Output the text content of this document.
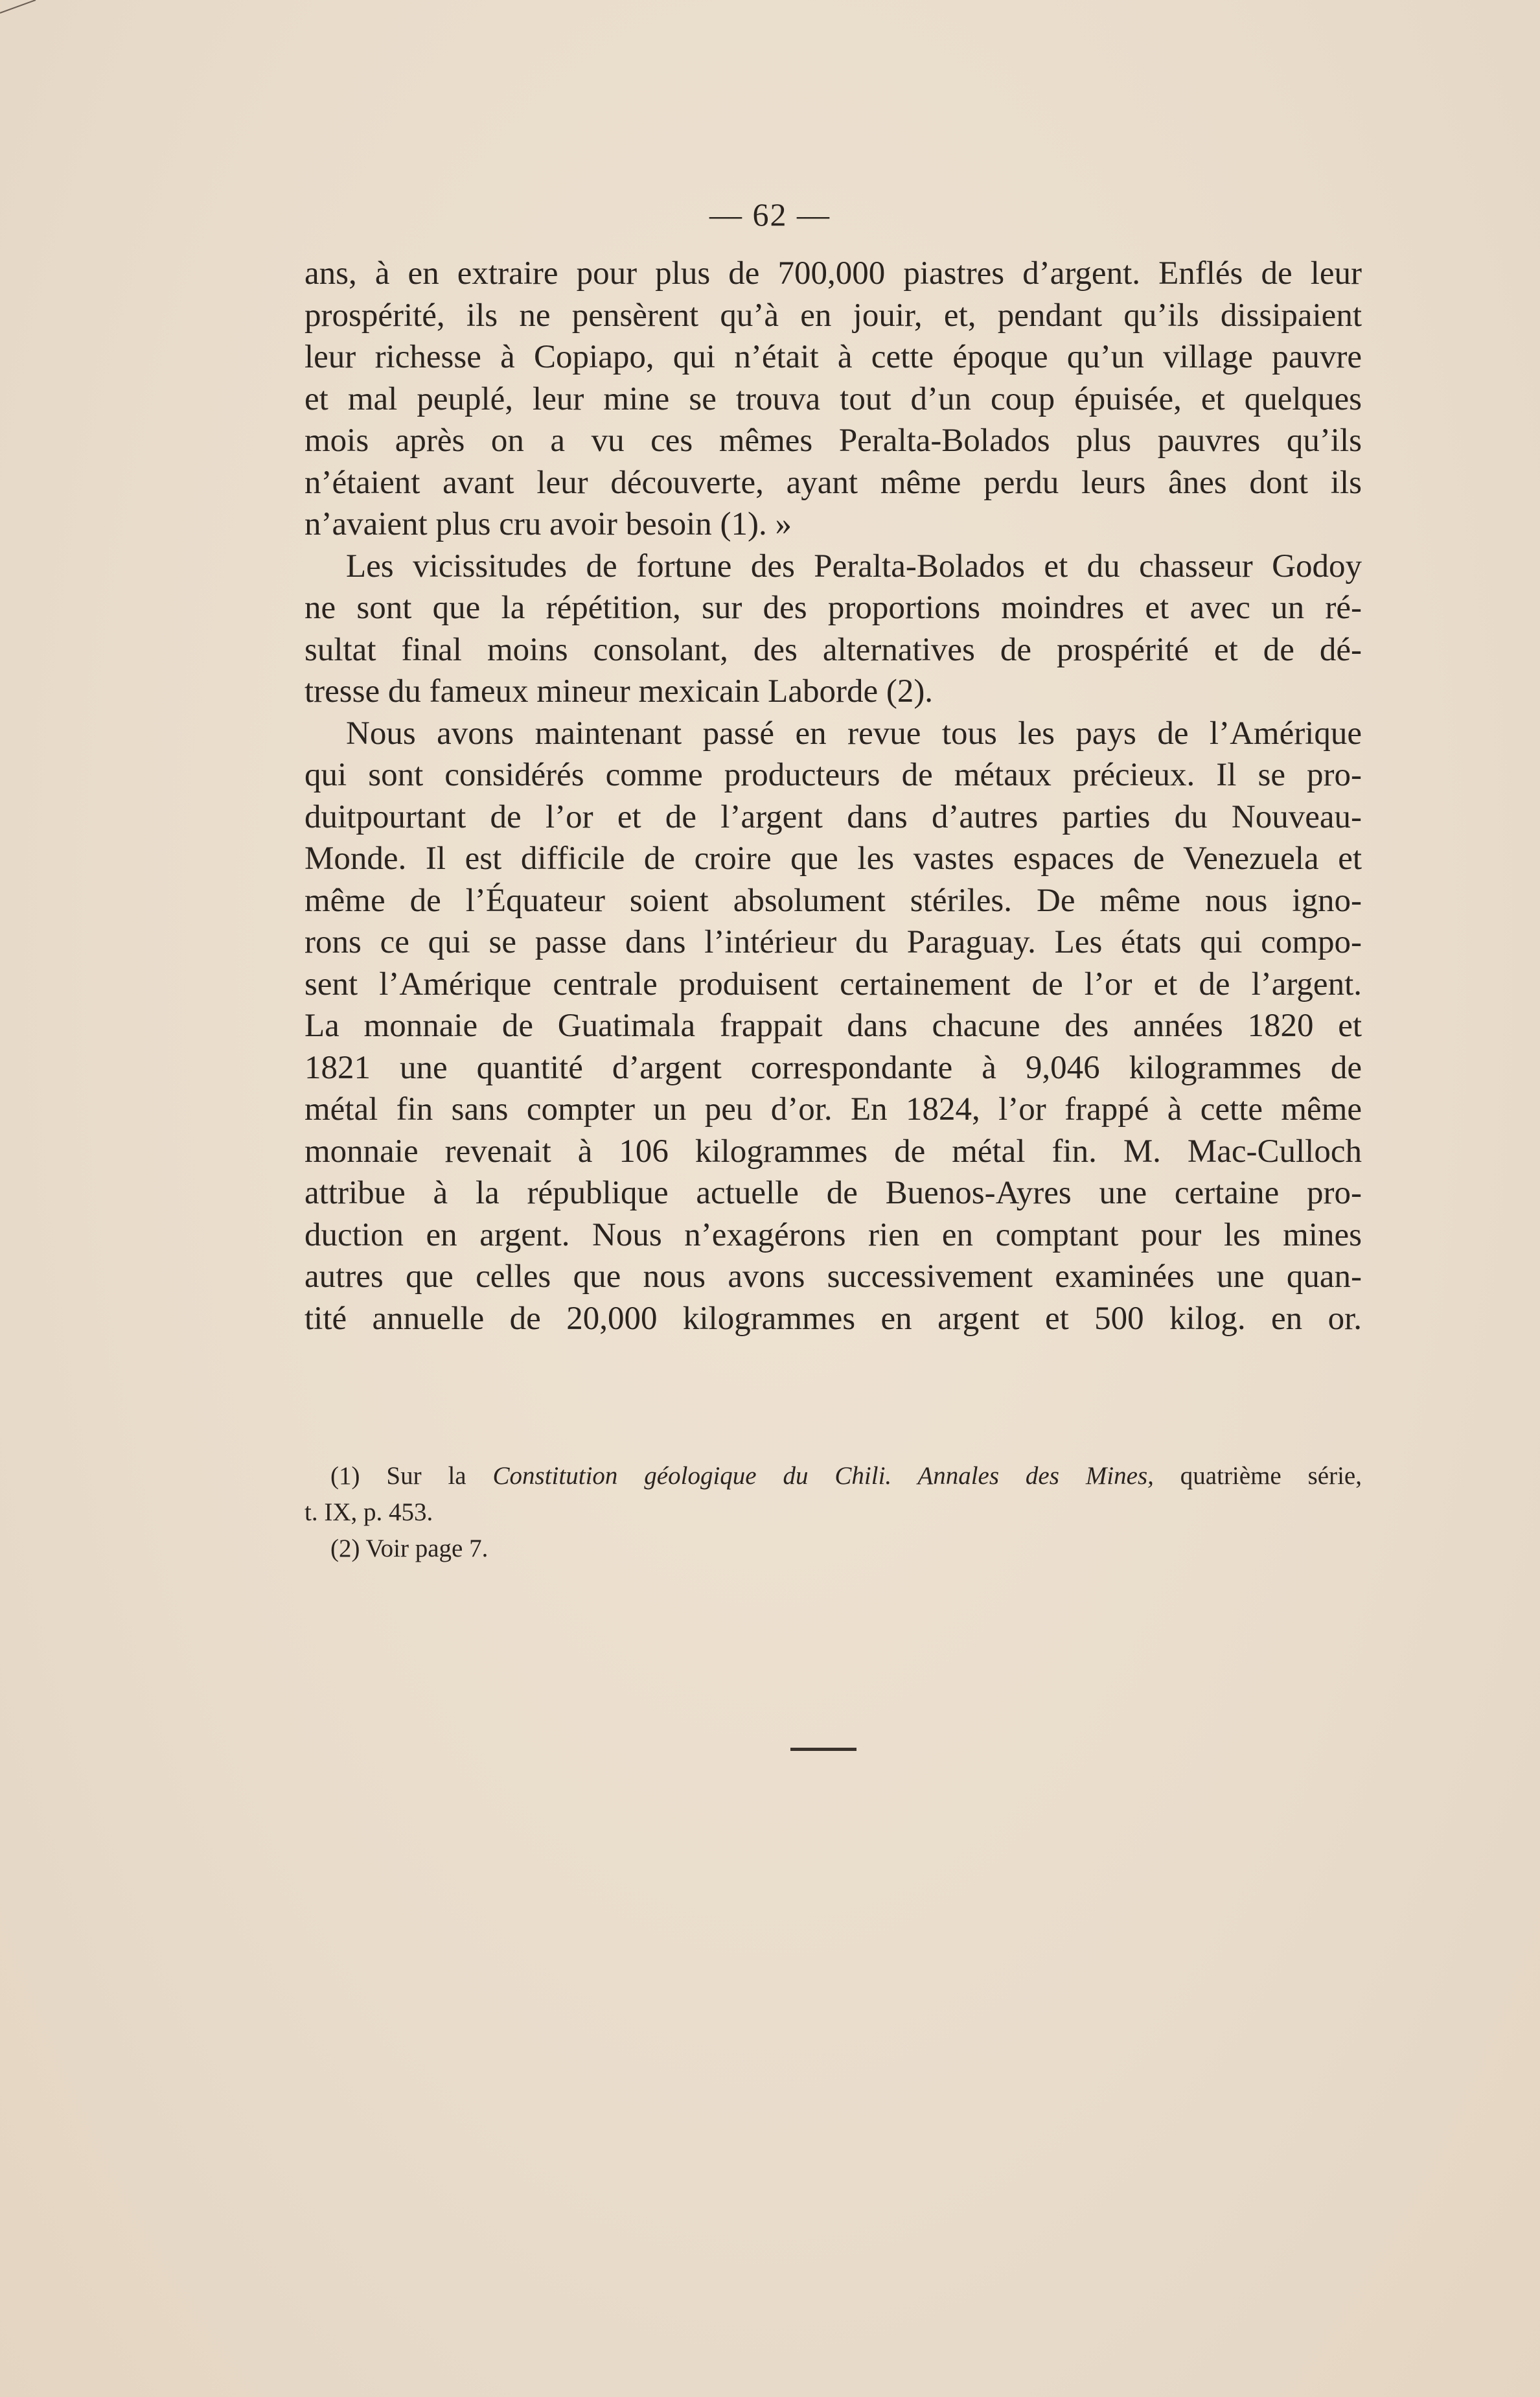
— 62 —
ans, à en extraire pour plus de 700,000 piastres d’argent. Enflés de leur
prospérité, ils ne pensèrent qu’à en jouir, et, pendant qu’ils dissipaient
leur richesse à Copiapo, qui n’était à cette époque qu’un village pauvre
et mal peuplé, leur mine se trouva tout d’un coup épuisée, et quelques
mois après on a vu ces mêmes Peralta-Bolados plus pauvres qu’ils
n’étaient avant leur découverte, ayant même perdu leurs ânes dont ils
n’avaient plus cru avoir besoin (1). »
Les vicissitudes de fortune des Peralta-Bolados et du chasseur Godoy
ne sont que la répétition, sur des proportions moindres et avec un ré-
sultat final moins consolant, des alternatives de prospérité et de dé-
tresse du fameux mineur mexicain Laborde (2).
Nous avons maintenant passé en revue tous les pays de l’Amérique
qui sont considérés comme producteurs de métaux précieux. Il se pro-
duitpourtant de l’or et de l’argent dans d’autres parties du Nouveau-
Monde. Il est difficile de croire que les vastes espaces de Venezuela et
même de l’Équateur soient absolument stériles. De même nous igno-
rons ce qui se passe dans l’intérieur du Paraguay. Les états qui compo-
sent l’Amérique centrale produisent certainement de l’or et de l’argent.
La monnaie de Guatimala frappait dans chacune des années 1820 et
1821 une quantité d’argent correspondante à 9,046 kilogrammes de
métal fin sans compter un peu d’or. En 1824, l’or frappé à cette même
monnaie revenait à 106 kilogrammes de métal fin. M. Mac-Culloch
attribue à la république actuelle de Buenos-Ayres une certaine pro-
duction en argent. Nous n’exagérons rien en comptant pour les mines
autres que celles que nous avons successivement examinées une quan-
tité annuelle de 20,000 kilogrammes en argent et 500 kilog. en or.
(1) Sur la Constitution géologique du Chili. Annales des Mines, quatrième série,
t. IX, p. 453.
(2) Voir page 7.
